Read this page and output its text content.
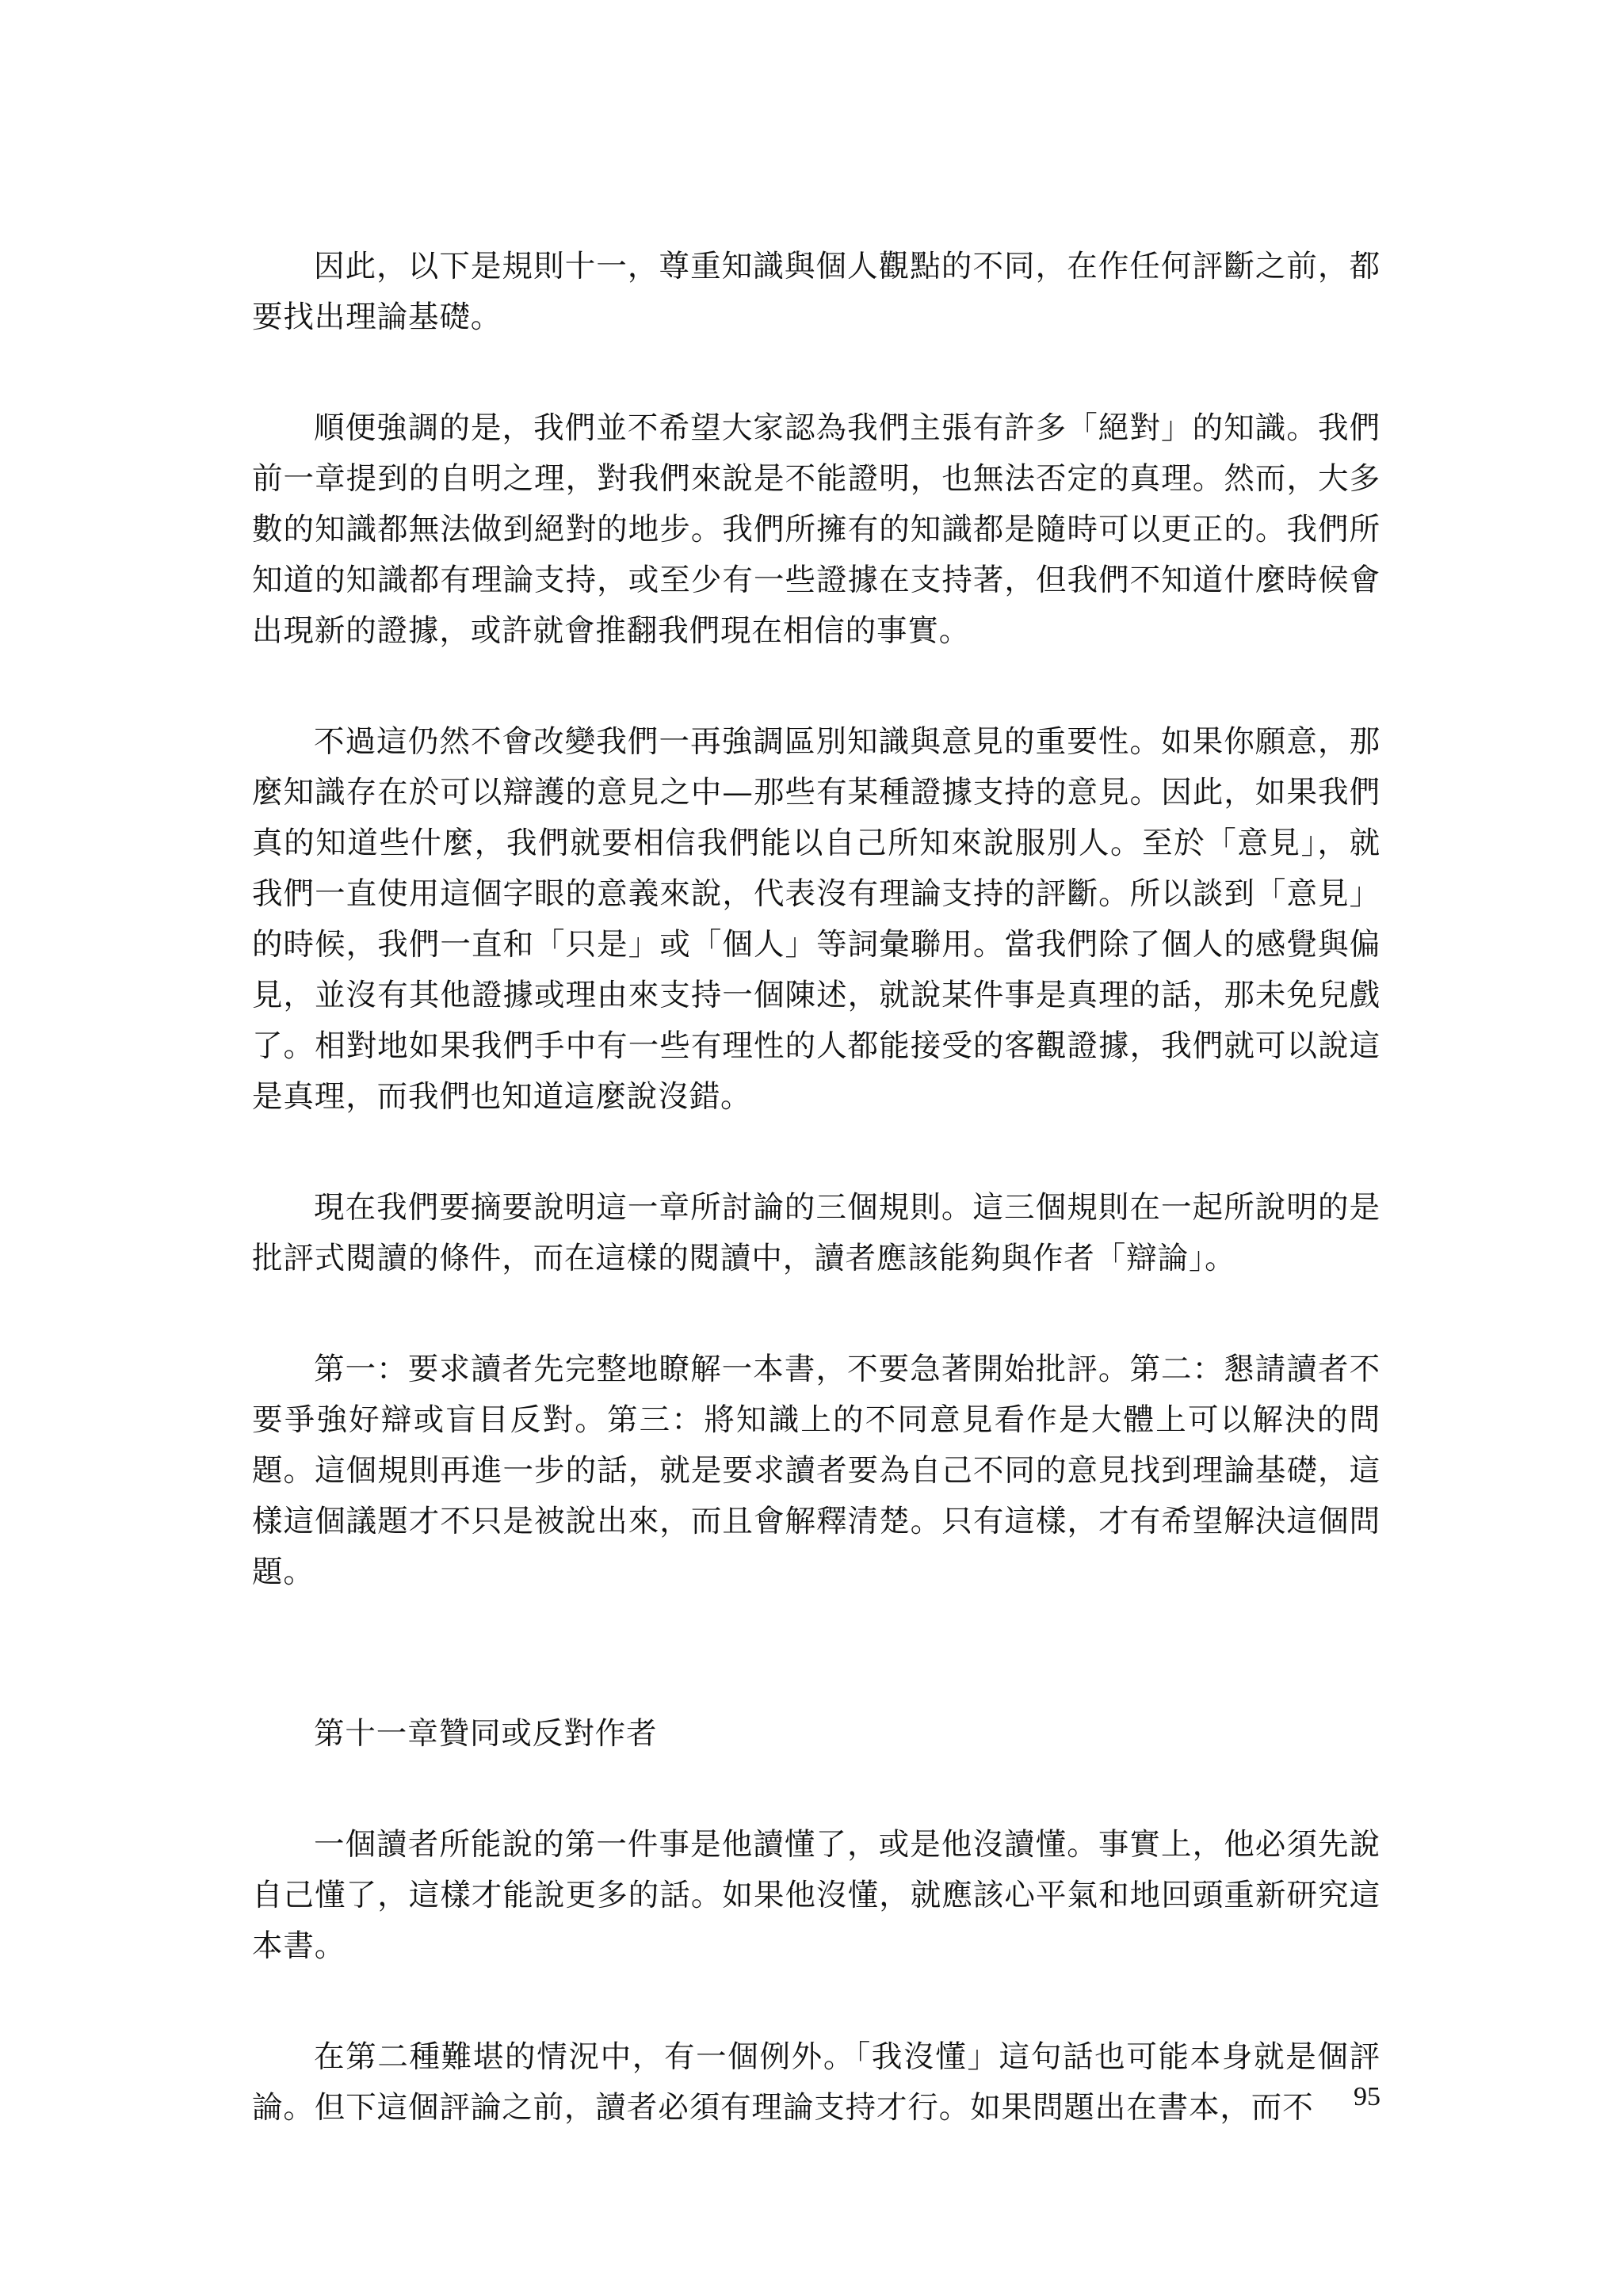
因此，以下是規則十一，尊重知識與個人觀點的不同，在作任何評斷之前，都要找出理論基礎。

順便強調的是，我們並不希望大家認為我們主張有許多「絕對」的知識。我們前一章提到的自明之理，對我們來說是不能證明，也無法否定的真理。然而，大多數的知識都無法做到絕對的地步。我們所擁有的知識都是隨時可以更正的。我們所知道的知識都有理論支持，或至少有一些證據在支持著，但我們不知道什麼時候會出現新的證據，或許就會推翻我們現在相信的事實。

不過這仍然不會改變我們一再強調區別知識與意見的重要性。如果你願意，那麼知識存在於可以辯護的意見之中—那些有某種證據支持的意見。因此，如果我們真的知道些什麼，我們就要相信我們能以自己所知來說服別人。至於「意見」，就我們一直使用這個字眼的意義來說，代表沒有理論支持的評斷。所以談到「意見」的時候，我們一直和「只是」或「個人」等詞彙聯用。當我們除了個人的感覺與偏見，並沒有其他證據或理由來支持一個陳述，就說某件事是真理的話，那未免兒戲了。相對地如果我們手中有一些有理性的人都能接受的客觀證據，我們就可以說這是真理，而我們也知道這麼說沒錯。

現在我們要摘要說明這一章所討論的三個規則。這三個規則在一起所說明的是批評式閱讀的條件，而在這樣的閱讀中，讀者應該能夠與作者「辯論」。

第一：要求讀者先完整地瞭解一本書，不要急著開始批評。第二：懇請讀者不要爭強好辯或盲目反對。第三：將知識上的不同意見看作是大體上可以解決的問題。這個規則再進一步的話，就是要求讀者要為自己不同的意見找到理論基礎，這樣這個議題才不只是被說出來，而且會解釋清楚。只有這樣，才有希望解決這個問題。

第十一章贊同或反對作者

一個讀者所能說的第一件事是他讀懂了，或是他沒讀懂。事實上，他必須先說自己懂了，這樣才能說更多的話。如果他沒懂，就應該心平氣和地回頭重新研究這本書。

在第二種難堪的情況中，有一個例外。「我沒懂」這句話也可能本身就是個評論。但下這個評論之前，讀者必須有理論支持才行。如果問題出在書本，而不	95
